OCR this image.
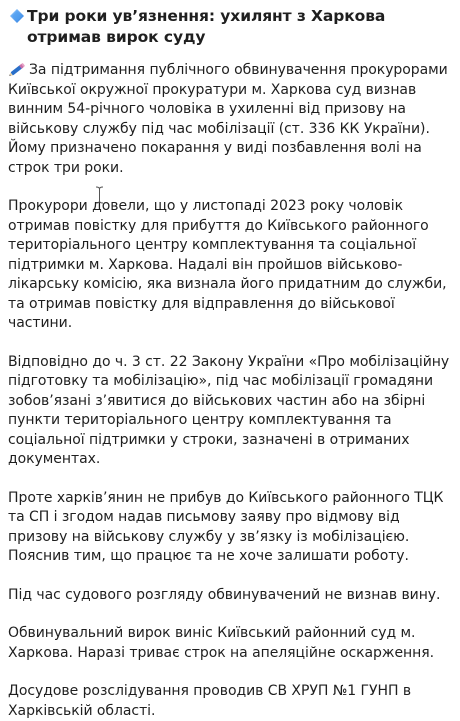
Три роки ув’язнення: ухилянт з Харкова отримав вирок суду

За підтримання публічного обвинувачення прокурорами Київської окружної прокуратури м. Харкова суд визнав винним 54-річного чоловіка в ухиленні від призову на військову службу під час мобілізації (ст. 336 КК України). Йому призначено покарання у виді позбавлення волі на строк три роки.

Прокурори довели, що у листопаді 2023 року чоловік отримав повістку для прибуття до Київського районного територіального центру комплектування та соціальної підтримки м. Харкова. Надалі він пройшов військово-лікарську комісію, яка визнала його придатним до служби, та отримав повістку для відправлення до військової частини.

Відповідно до ч. 3 ст. 22 Закону України «Про мобілізаційну підготовку та мобілізацію», під час мобілізації громадяни зобов’язані з’явитися до військових частин або на збірні пункти територіального центру комплектування та соціальної підтримки у строки, зазначені в отриманих документах.

Проте харків’янин не прибув до Київського районного ТЦК та СП і згодом надав письмову заяву про відмову від призову на військову службу у зв’язку із мобілізацією. Пояснив тим, що працює та не хоче залишати роботу.

Під час судового розгляду обвинувачений не визнав вину.

Обвинувальний вирок виніс Київський районний суд м. Харкова. Наразі триває строк на апеляційне оскарження.

Досудове розслідування проводив СВ ХРУП №1 ГУНП в Харківській області.
